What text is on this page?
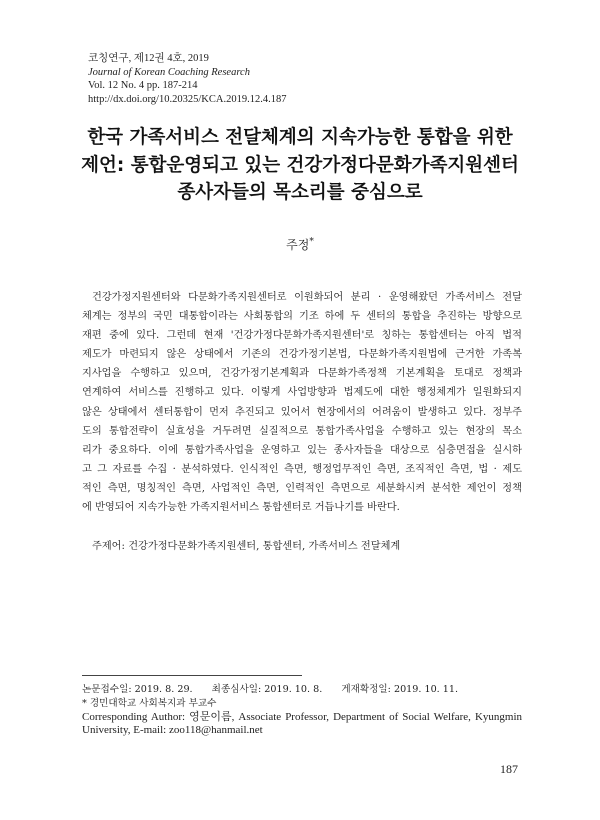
코칭연구, 제12권 4호, 2019
Journal of Korean Coaching Research
Vol. 12 No. 4 pp. 187-214
http://dx.doi.org/10.20325/KCA.2019.12.4.187
한국 가족서비스 전달체계의 지속가능한 통합을 위한
제언: 통합운영되고 있는 건강가정다문화가족지원센터
종사자들의 목소리를 중심으로
주정*
건강가정지원센터와 다문화가족지원센터로 이원화되어 분리 · 운영해왔던 가족서비스 전달
체계는 정부의 국민 대통합이라는 사회통합의 기조 하에 두 센터의 통합을 추진하는 방향으로
재편 중에 있다. 그런데 현재 '건강가정다문화가족지원센터'로 칭하는 통합센터는 아직 법적
제도가 마련되지 않은 상태에서 기존의 건강가정기본법, 다문화가족지원법에 근거한 가족복
지사업을 수행하고 있으며, 건강가정기본계획과 다문화가족정책 기본계획을 토대로 정책과
연계하여 서비스를 진행하고 있다. 이렇게 사업방향과 법제도에 대한 행정체계가 일원화되지
않은 상태에서 센터통합이 먼저 추진되고 있어서 현장에서의 어려움이 발생하고 있다. 정부주
도의 통합전략이 실효성을 거두려면 실질적으로 통합가족사업을 수행하고 있는 현장의 목소
리가 중요하다. 이에 통합가족사업을 운영하고 있는 종사자들을 대상으로 심층면접을 실시하
고 그 자료를 수집 · 분석하였다. 인식적인 측면, 행정업무적인 측면, 조직적인 측면, 법 · 제도
적인 측면, 명칭적인 측면, 사업적인 측면, 인력적인 측면으로 세분화시켜 분석한 제언이 정책
에 반영되어 지속가능한 가족지원서비스 통합센터로 거듭나기를 바란다.
주제어: 건강가정다문화가족지원센터, 통합센터, 가족서비스 전달체계
논문접수일: 2019. 8. 29. 최종심사일: 2019. 10. 8. 게재확정일: 2019. 10. 11.
* 경민대학교 사회복지과 부교수
Corresponding Author: 영문이름, Associate Professor, Department of Social Welfare, Kyungmin
University, E-mail: zoo118@hanmail.net
187
